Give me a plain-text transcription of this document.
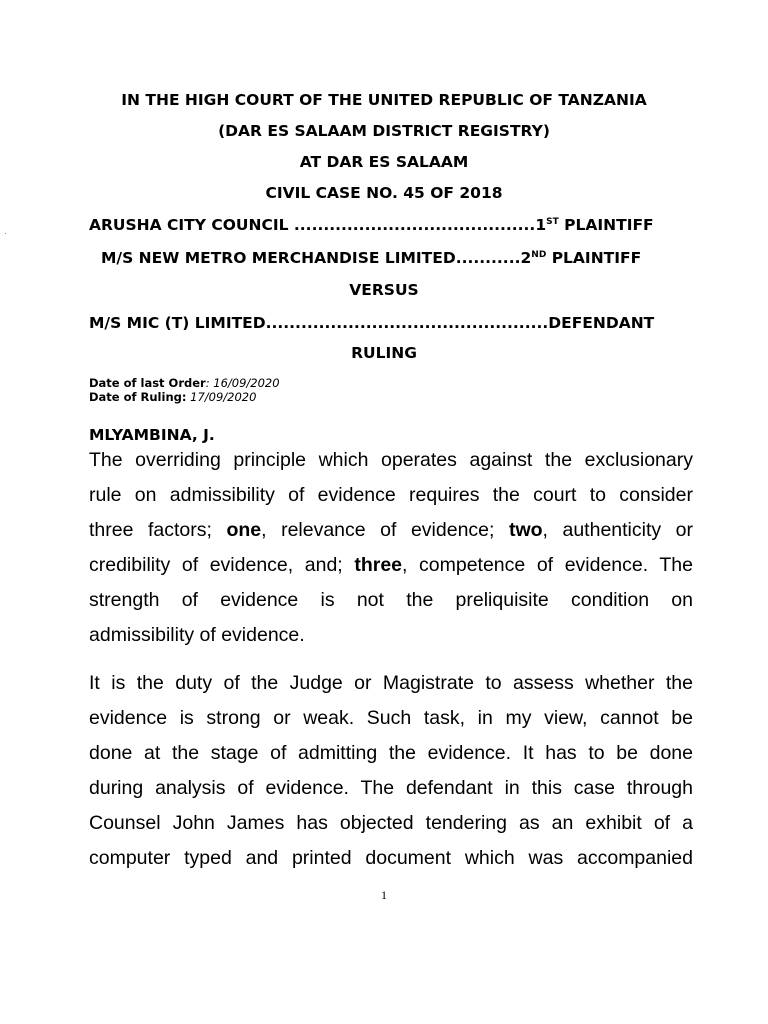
IN THE HIGH COURT OF THE UNITED REPUBLIC OF TANZANIA
(DAR ES SALAAM DISTRICT REGISTRY)
AT DAR ES SALAAM
CIVIL CASE NO. 45 OF 2018
ARUSHA CITY COUNCIL .........................................1ST PLAINTIFF
M/S NEW METRO MERCHANDISE LIMITED...........2ND PLAINTIFF
VERSUS
M/S MIC (T) LIMITED................................................DEFENDANT
RULING
Date of last Order: 16/09/2020
Date of Ruling: 17/09/2020
MLYAMBINA, J.
The overriding principle which operates against the exclusionary
rule on admissibility of evidence requires the court to consider
three factors; one, relevance of evidence; two, authenticity or
credibility of evidence, and; three, competence of evidence. The
strength of evidence is not the preliquisite condition on
admissibility of evidence.
It is the duty of the Judge or Magistrate to assess whether the
evidence is strong or weak. Such task, in my view, cannot be
done at the stage of admitting the evidence. It has to be done
during analysis of evidence. The defendant in this case through
Counsel John James has objected tendering as an exhibit of a
computer typed and printed document which was accompanied
1
